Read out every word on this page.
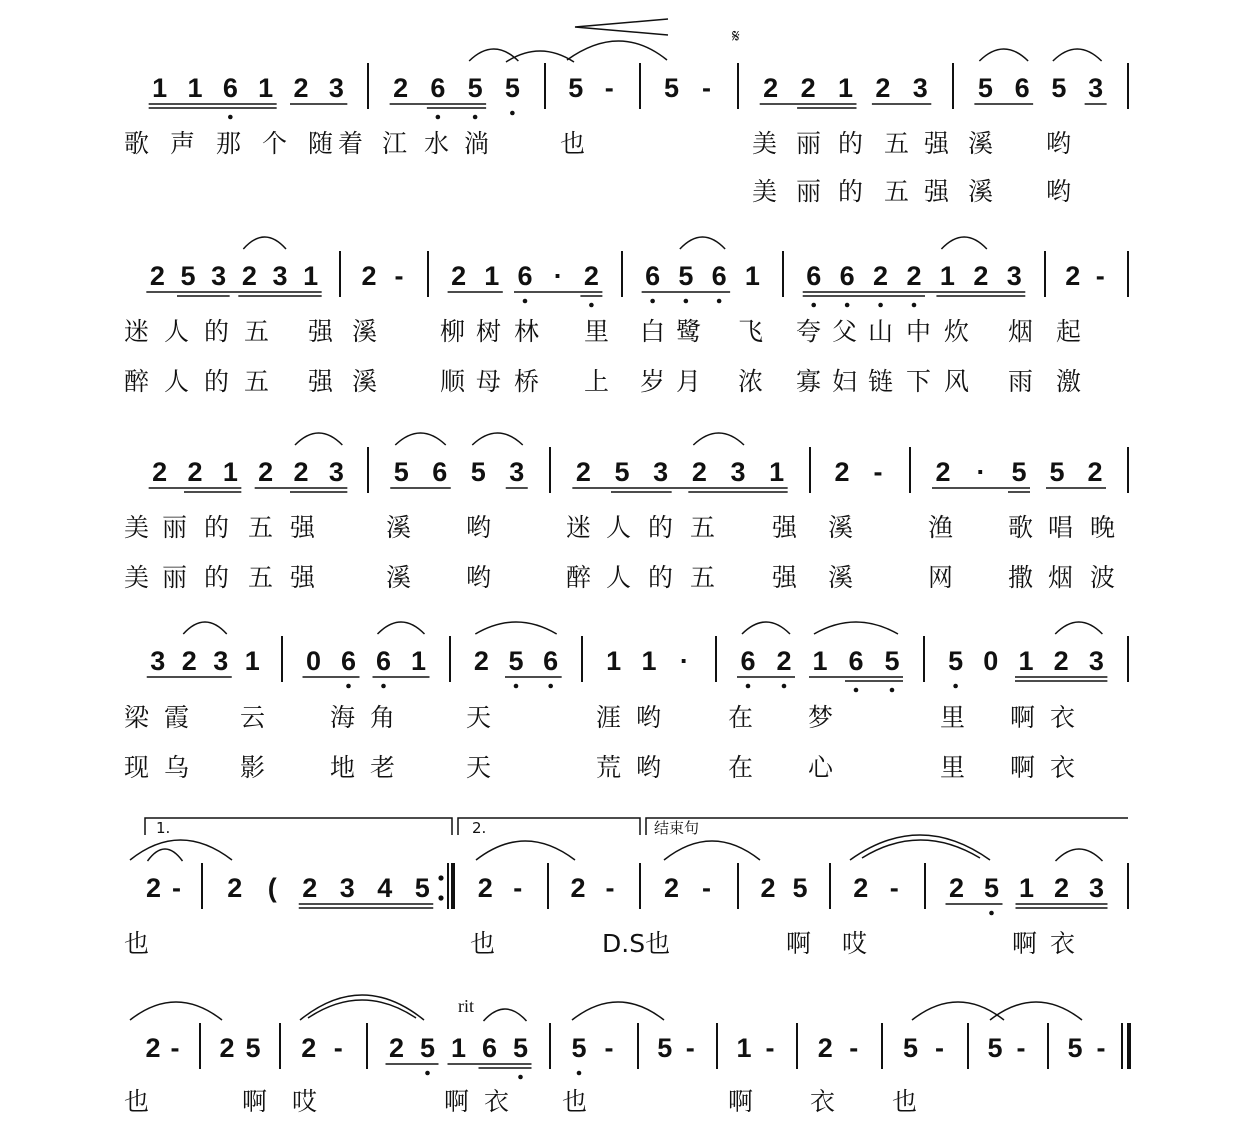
𝄋
1.	2.	结束句
rit
1 1 6 1 2 3 2 6 5 5 5 - 5 - 2 2 1 2 3 5 6 5 3
2 5 3 2 3 1 2 - 2 1 6 · 2 6 5 6 1 6 6 2 2 1 2 3 2 -
2 2 1 2 2 3 5 6 5 3 2 5 3 2 3 1 2 - 2 · 5 5 2
3 2 3 1 0 6 6 1 2 5 6 1 1 · 6 2 1 6 5 5 0 1 2 3
2 - 2 ( 2 3 4 5 2 - 2 - 2 - 2 5 2 - 2 5 1 2 3
2 - 2 5 2 - 2 5 1 6 5 5 - 5 - 1 - 2 - 5 - 5 - 5 -
歌 声 那 个 随 着 江 水 淌	也	美 丽 的 五 强 溪 哟
美 丽 的 五 强 溪 哟
迷 人 的 五 强 溪	柳 树 林 里 白 鹭 飞 夸 父 山 中 炊 烟 起
醉 人 的 五 强 溪	顺 母 桥 上 岁 月 浓 寡 妇 链 下 风 雨 激
美 丽 的 五 强	溪 哟	迷 人 的 五 强 溪	渔 歌 唱 晚
美 丽 的 五 强	溪 哟	醉 人 的 五 强 溪	网 撒 烟 波
梁 霞 云	海 角	天	涯 哟	在 梦	里 啊 衣
现 乌 影	地 老	天	荒 哟	在 心	里 啊 衣
也	也	D.S也	啊 哎	啊 衣
也	啊 哎	啊 衣 也	啊 衣 也
